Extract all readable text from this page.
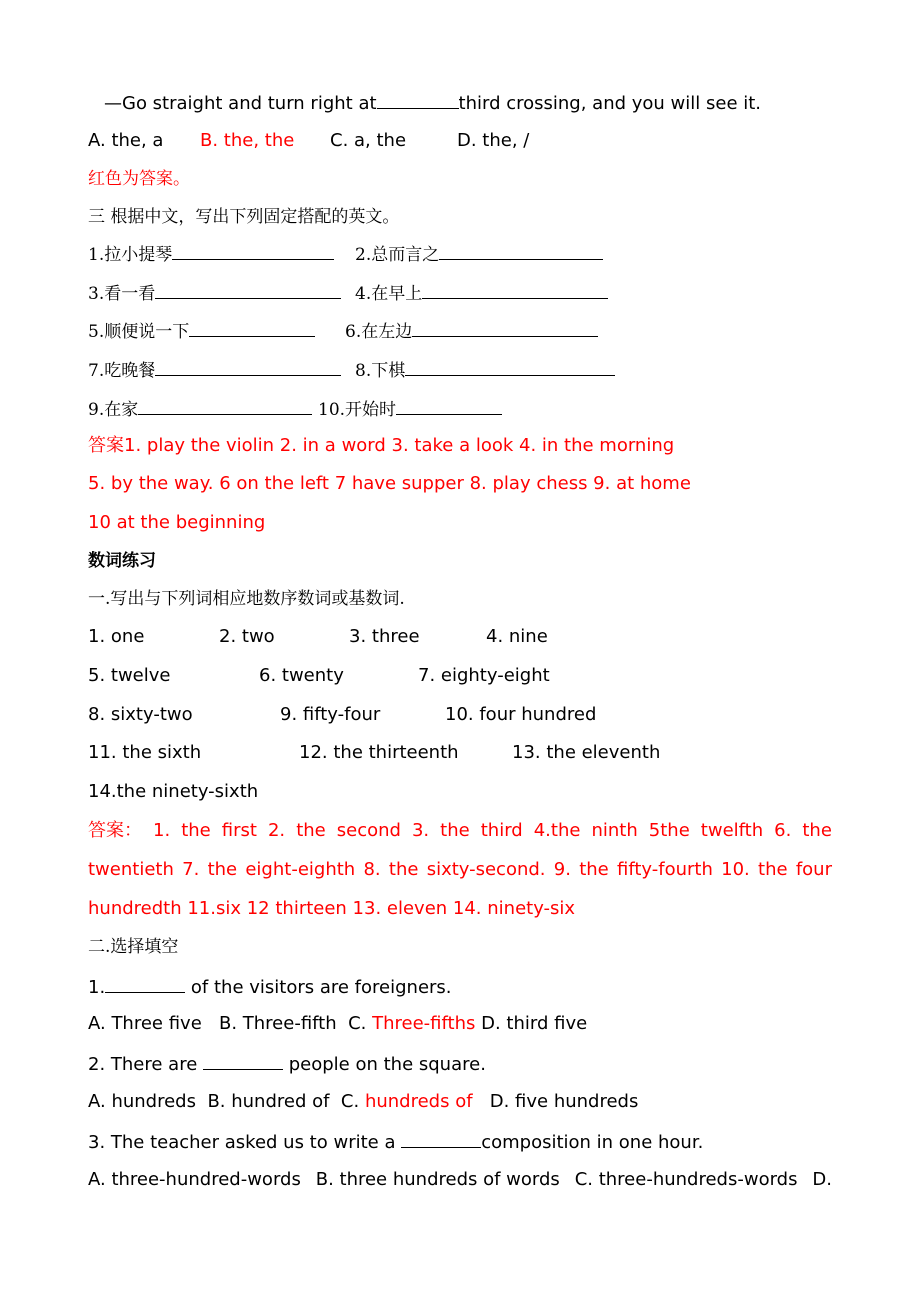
—Go straight and turn right at	third crossing, and you will see it.
A. the, a B. the, the C. a, the	D. the, /
红色为答案。
三 根据中文，写出下列固定搭配的英文。
1.拉小提琴	2.总而言之
3.看一看	4.在早上
5.顺便说一下	6.在左边
7.吃晚餐	8.下棋
9.在家	10.开始时
答案1. play the violin 2. in a word 3. take a look 4. in the morning
5. by the way. 6 on the left 7 have supper 8. play chess 9. at home
10 at the beginning
数词练习
一.写出与下列词相应地数序数词或基数词.
1. one	2. two	3. three	4. nine
5. twelve	6. twenty	7. eighty-eight
8. sixty-two	9. fifty-four	10. four hundred
11. the sixth	12. the thirteenth	13. the eleventh
14.the ninety-sixth
答案： 1. the first 2. the second 3. the third 4.the ninth 5the twelfth 6. the
twentieth 7. the eight-eighth 8. the sixty-second. 9. the fifty-fourth 10. the four
hundredth 11.six 12 thirteen 13. eleven 14. ninety-six
二.选择填空
1.	of the visitors are foreigners.
A. Three five B. Three-fifth C. Three-fifths D. third five
2. There are	people on the square.
A. hundreds B. hundred of C. hundreds of D. five hundreds
3. The teacher asked us to write a	composition in one hour.
A. three-hundred-words B. three hundreds of words C. three-hundreds-words D.
